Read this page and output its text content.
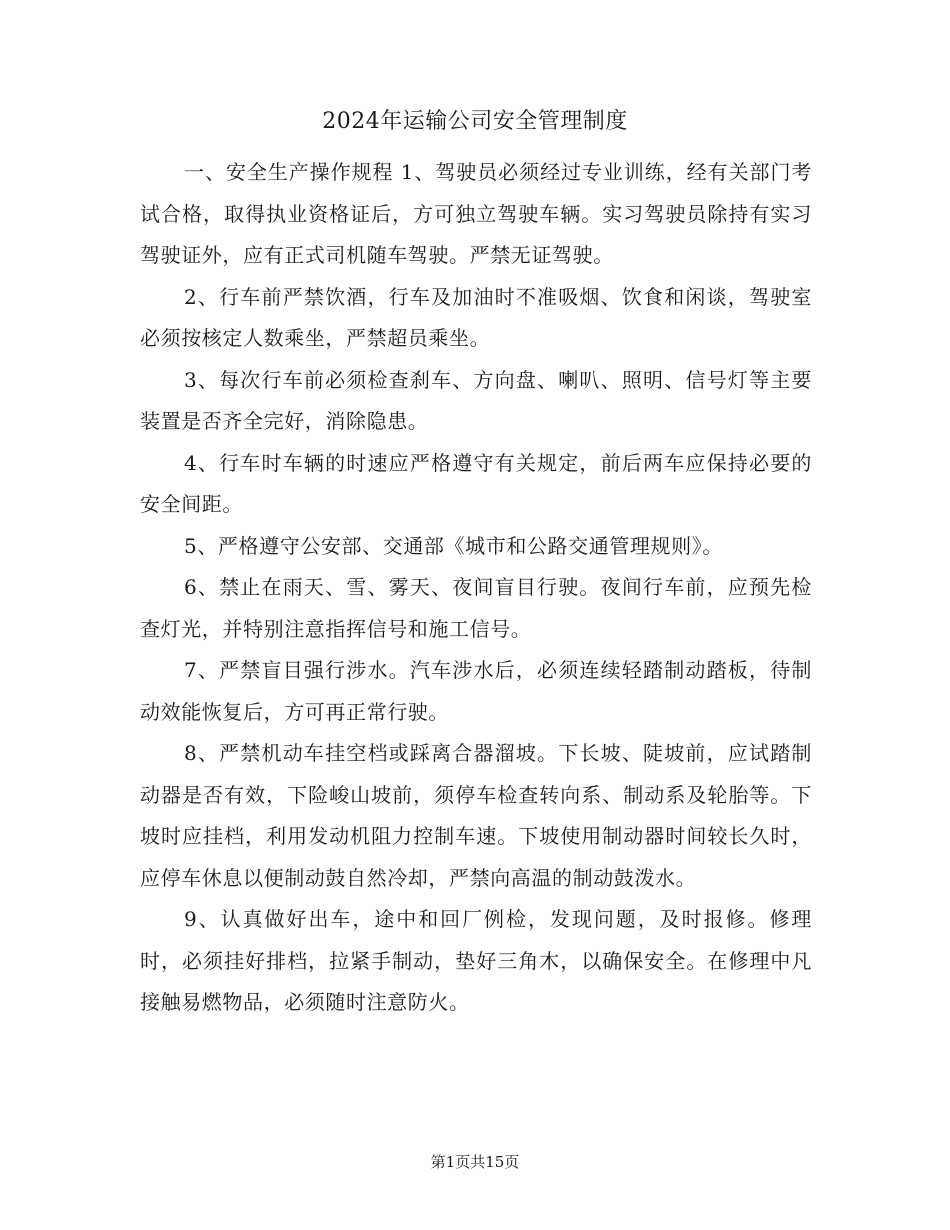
2024年运输公司安全管理制度

一、安全生产操作规程 1、驾驶员必须经过专业训练，经有关部门考试合格，取得执业资格证后，方可独立驾驶车辆。实习驾驶员除持有实习驾驶证外，应有正式司机随车驾驶。严禁无证驾驶。

2、行车前严禁饮酒，行车及加油时不准吸烟、饮食和闲谈，驾驶室必须按核定人数乘坐，严禁超员乘坐。

3、每次行车前必须检查刹车、方向盘、喇叭、照明、信号灯等主要装置是否齐全完好，消除隐患。

4、行车时车辆的时速应严格遵守有关规定，前后两车应保持必要的安全间距。

5、严格遵守公安部、交通部《城市和公路交通管理规则》。

6、禁止在雨天、雪、雾天、夜间盲目行驶。夜间行车前，应预先检查灯光，并特别注意指挥信号和施工信号。

7、严禁盲目强行涉水。汽车涉水后，必须连续轻踏制动踏板，待制动效能恢复后，方可再正常行驶。

8、严禁机动车挂空档或踩离合器溜坡。下长坡、陡坡前，应试踏制动器是否有效，下险峻山坡前，须停车检查转向系、制动系及轮胎等。下坡时应挂档，利用发动机阻力控制车速。下坡使用制动器时间较长久时，应停车休息以便制动鼓自然冷却，严禁向高温的制动鼓泼水。

9、认真做好出车，途中和回厂例检，发现问题，及时报修。修理时，必须挂好排档，拉紧手制动，垫好三角木，以确保安全。在修理中凡接触易燃物品，必须随时注意防火。

第1页共15页
